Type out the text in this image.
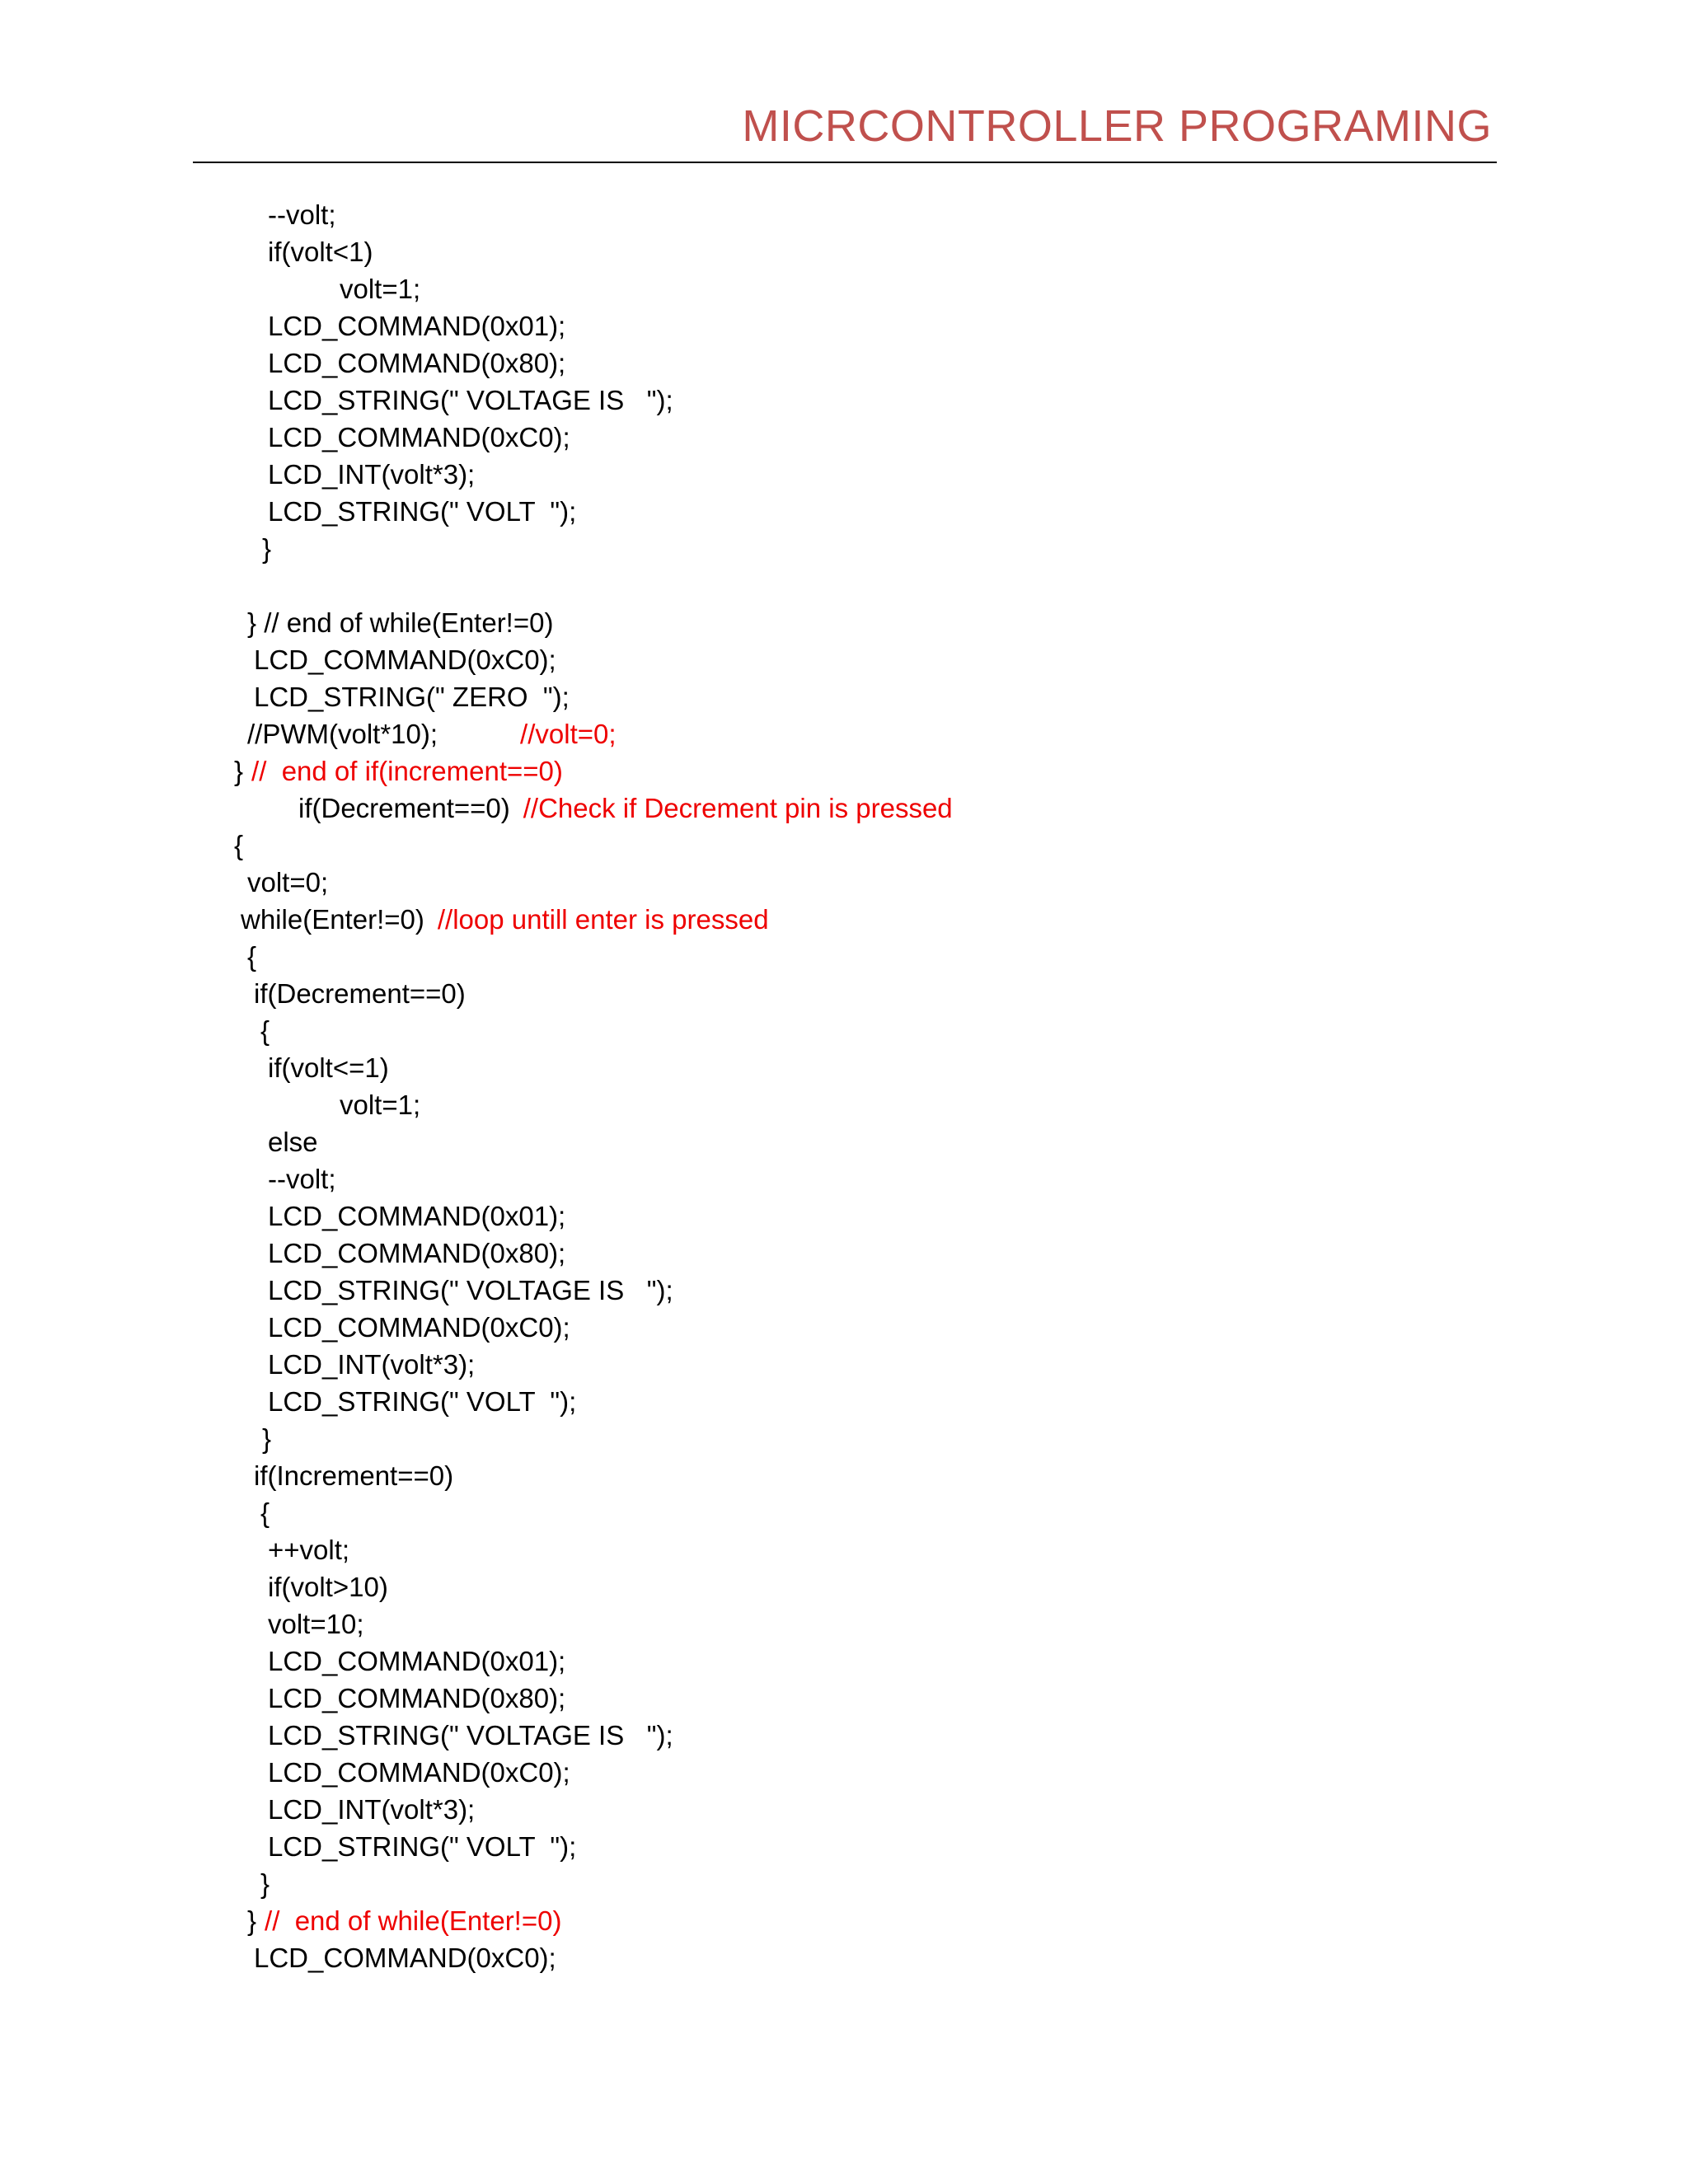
MICRCONTROLLER PROGRAMING
--volt;
if(volt<1)
volt=1;
LCD_COMMAND(0x01);
LCD_COMMAND(0x80);
LCD_STRING(" VOLTAGE IS   ");
LCD_COMMAND(0xC0);
LCD_INT(volt*3);
LCD_STRING(" VOLT  ");
}
} // end of while(Enter!=0)
LCD_COMMAND(0xC0);
LCD_STRING(" ZERO  ");
//PWM(volt*10);	//volt=0;
} //  end of if(increment==0)
if(Decrement==0) //Check if Decrement pin is pressed
{
volt=0;
while(Enter!=0) //loop untill enter is pressed
{
if(Decrement==0)
{
if(volt<=1)
volt=1;
else
--volt;
LCD_COMMAND(0x01);
LCD_COMMAND(0x80);
LCD_STRING(" VOLTAGE IS   ");
LCD_COMMAND(0xC0);
LCD_INT(volt*3);
LCD_STRING(" VOLT  ");
}
if(Increment==0)
{
++volt;
if(volt>10)
volt=10;
LCD_COMMAND(0x01);
LCD_COMMAND(0x80);
LCD_STRING(" VOLTAGE IS   ");
LCD_COMMAND(0xC0);
LCD_INT(volt*3);
LCD_STRING(" VOLT  ");
}
} //  end of while(Enter!=0)
LCD_COMMAND(0xC0);
